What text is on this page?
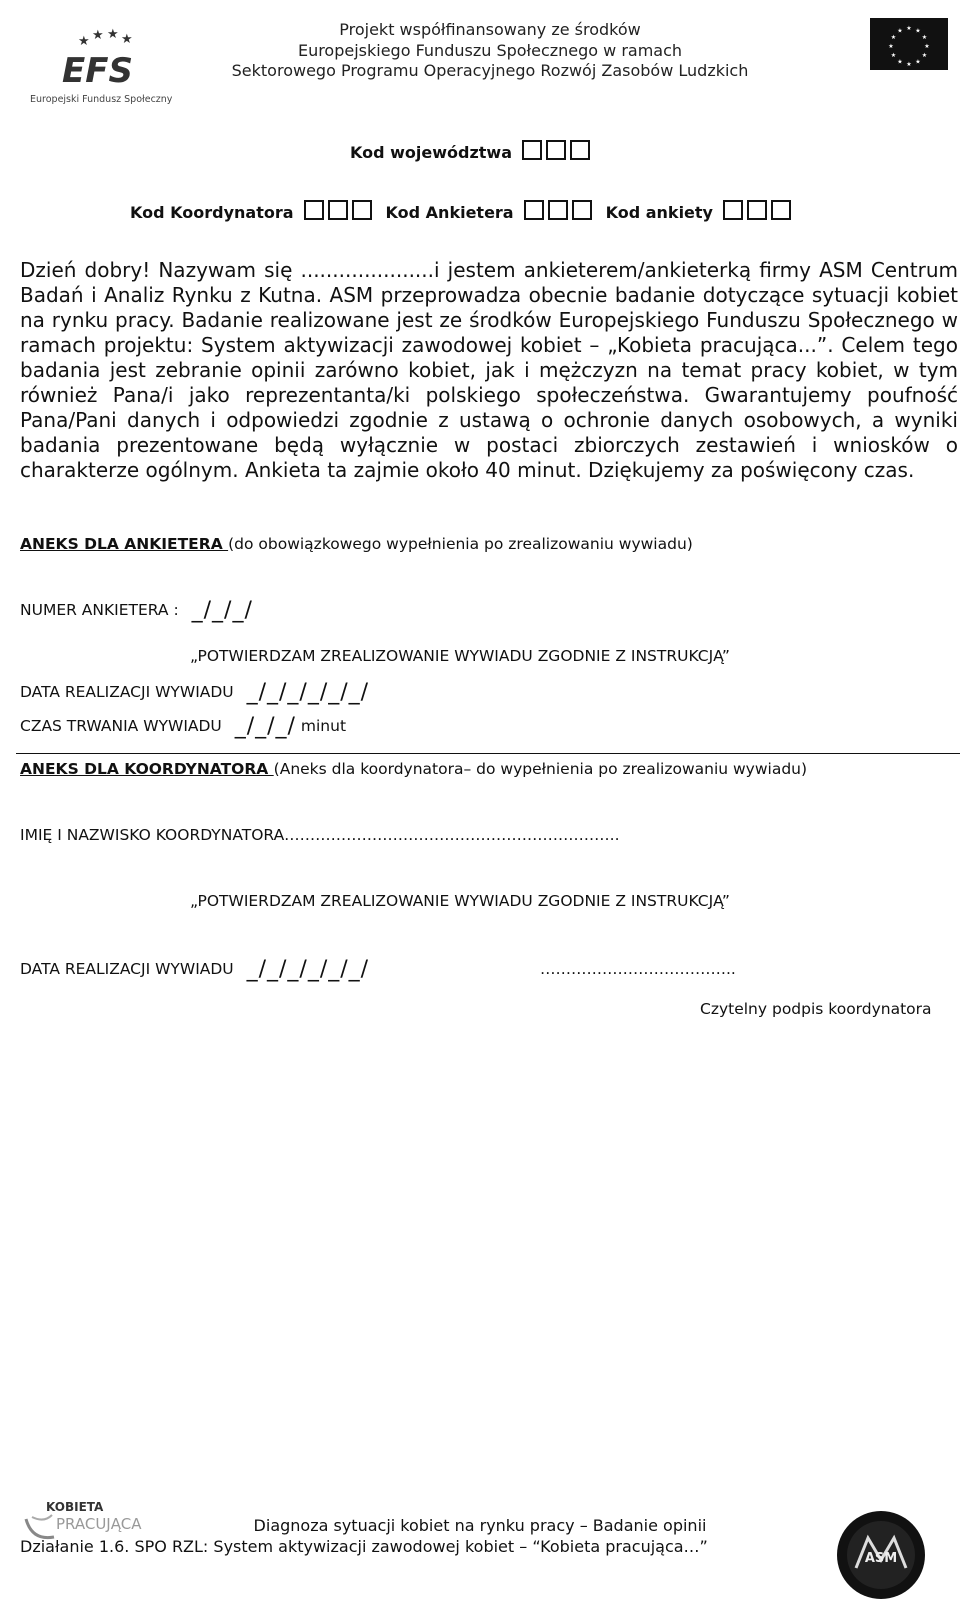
★ ★ ★ ★
EFS
Europejski Fundusz Społeczny
Projekt współfinansowany ze środków
Europejskiego Funduszu Społecznego w ramach
Sektorowego Programu Operacyjnego Rozwój Zasobów Ludzkich
★ ★
★
★
★
★
★
★
★
★
★
★
Kod województwa
Kod Koordynatora	Kod Ankietera	Kod ankiety
Dzień dobry! Nazywam się .....................i jestem ankieterem/ankieterką firmy ASM Centrum Badań i Analiz Rynku z Kutna. ASM przeprowadza obecnie badanie dotyczące sytuacji kobiet na rynku pracy. Badanie realizowane jest ze środków Europejskiego Funduszu Społecznego w ramach projektu: System aktywizacji zawodowej kobiet – „Kobieta pracująca...”. Celem tego badania jest zebranie opinii zarówno kobiet, jak i mężczyzn na temat pracy kobiet, w tym również Pana/i jako reprezentanta/ki polskiego społeczeństwa. Gwarantujemy poufność Pana/Pani danych i odpowiedzi zgodnie z ustawą o ochronie danych osobowych, a wyniki badania prezentowane będą wyłącznie w postaci zbiorczych zestawień i wniosków o charakterze ogólnym. Ankieta ta zajmie około 40 minut. Dziękujemy za poświęcony czas.
ANEKS DLA ANKIETERA (do obowiązkowego wypełnienia po zrealizowaniu wywiadu)
NUMER ANKIETERA : _/_/_/
„POTWIERDZAM ZREALIZOWANIE WYWIADU ZGODNIE Z INSTRUKCJĄ”
DATA REALIZACJI WYWIADU _/_/_/_/_/_/
CZAS TRWANIA WYWIADU _/_/_/ minut
ANEKS DLA KOORDYNATORA (Aneks dla koordynatora– do wypełnienia po zrealizowaniu wywiadu)
IMIĘ I NAZWISKO KOORDYNATORA………………………………………………………..
„POTWIERDZAM ZREALIZOWANIE WYWIADU ZGODNIE Z INSTRUKCJĄ”
DATA REALIZACJI WYWIADU _/_/_/_/_/_/	………………………………..
Czytelny podpis koordynatora
KOBIETA
PRACUJĄCA	Diagnoza sytuacji kobiet na rynku pracy – Badanie opinii
Działanie 1.6. SPO RZL: System aktywizacji zawodowej kobiet – “Kobieta pracująca…”
ASM
